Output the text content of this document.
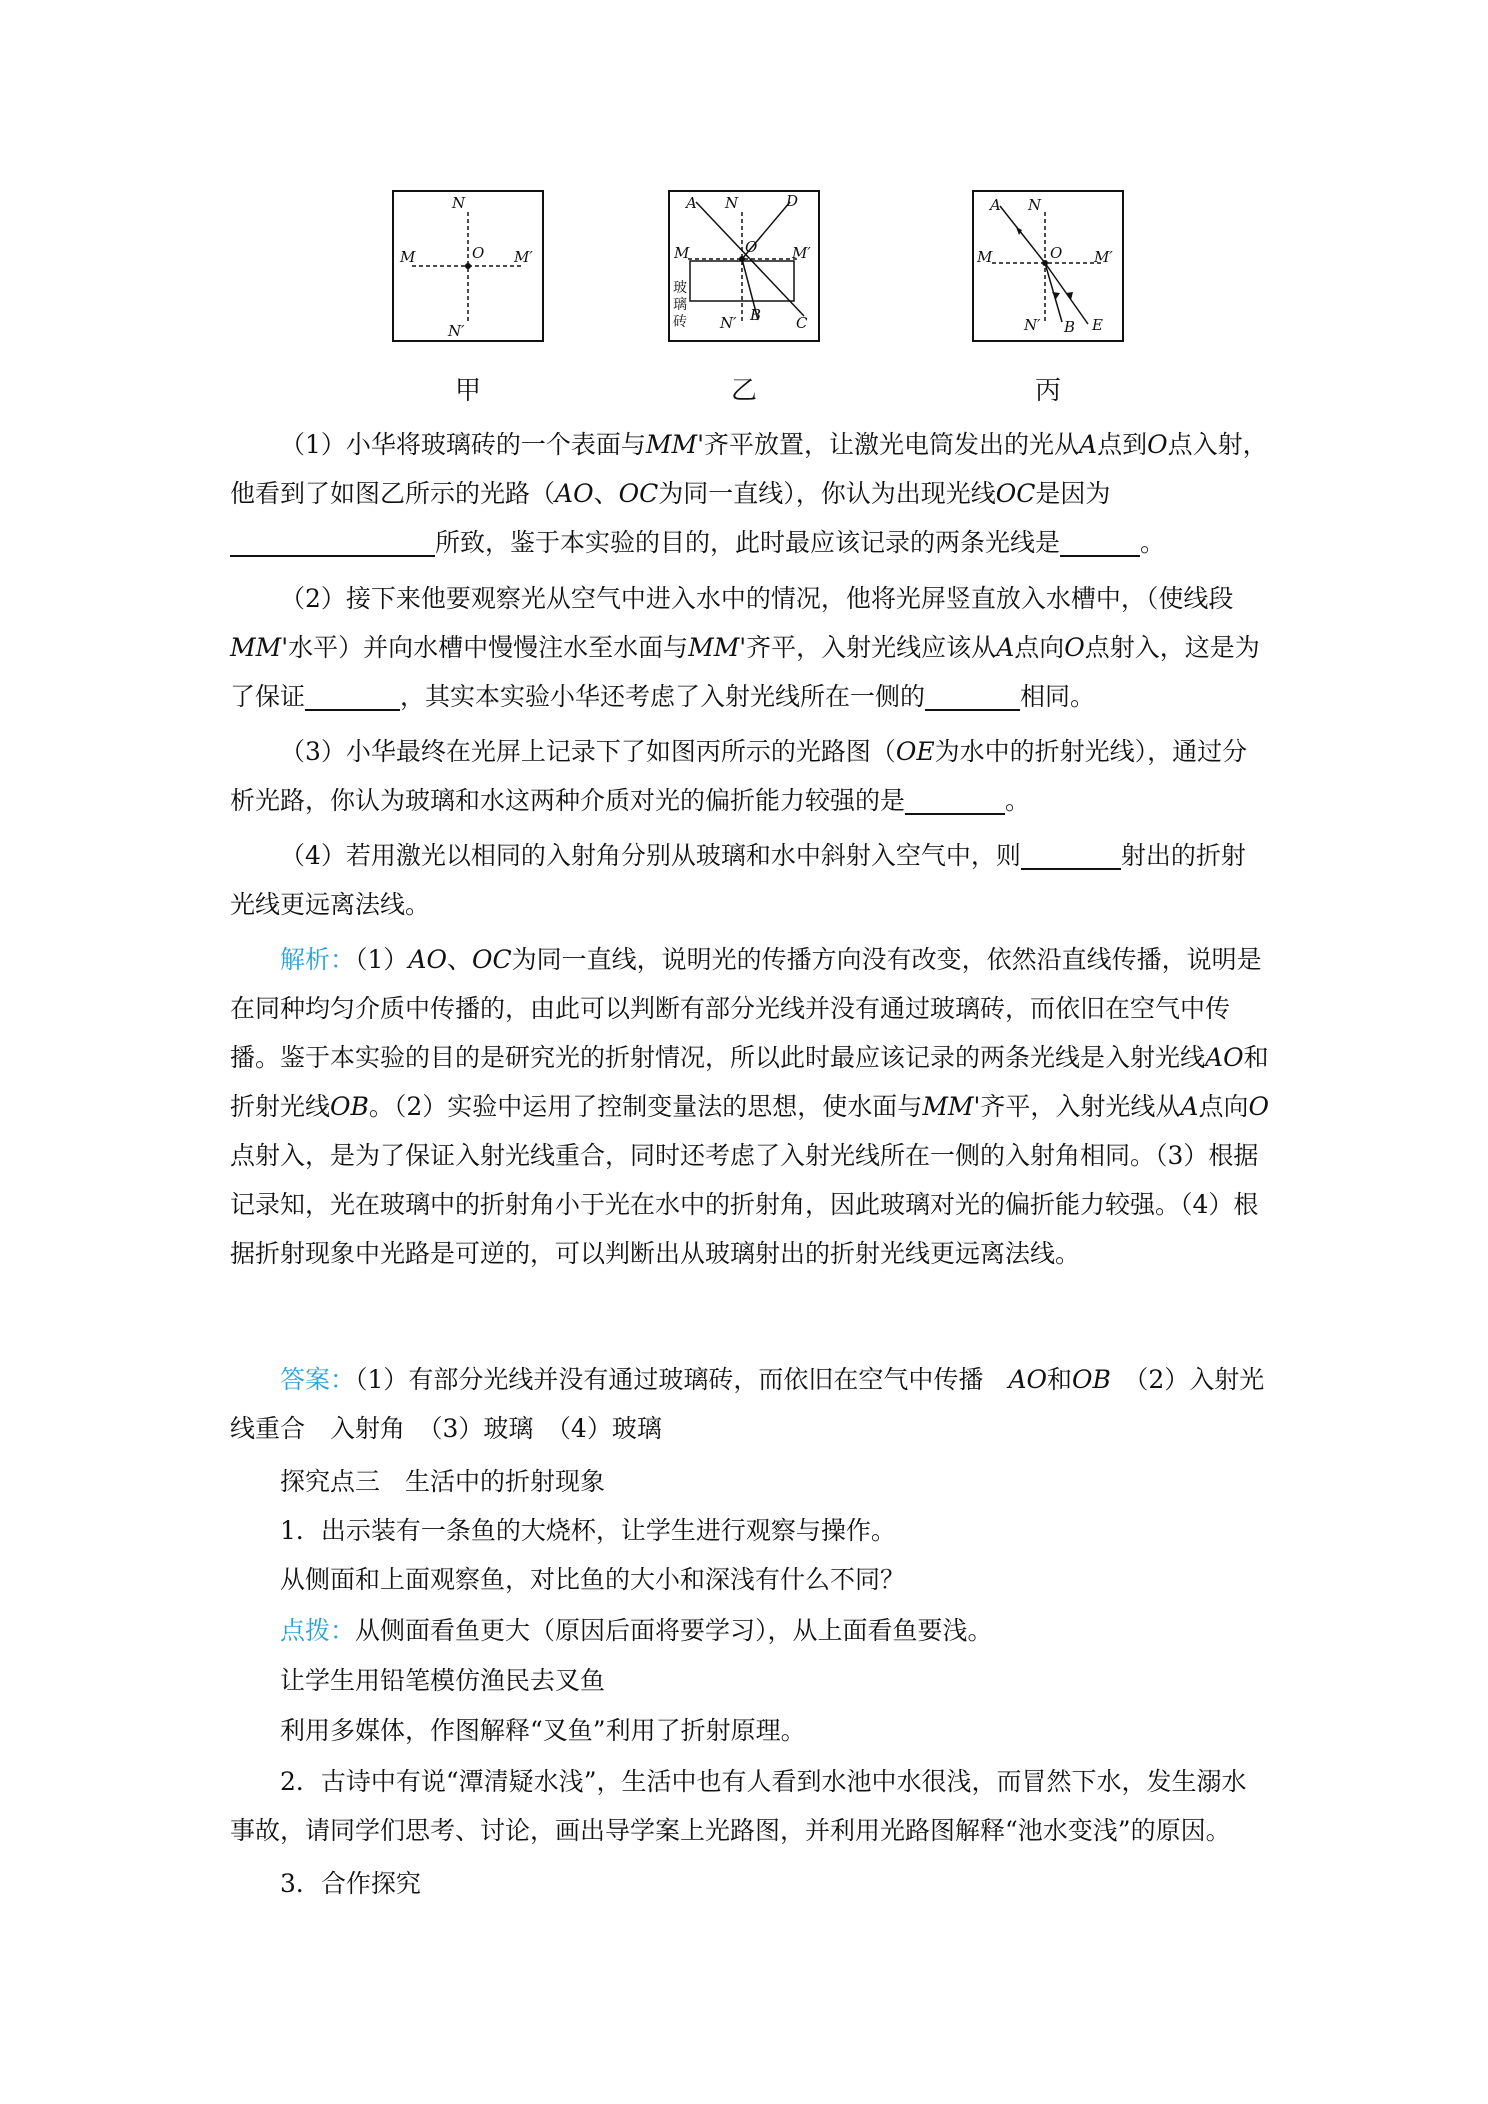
N
M	O M′
N′
甲
A N	D
M	O M′
玻
璃
砖 N′ B C
乙
A N
M	O M′
N′ B E
丙

（1）小华将玻璃砖的一个表面与MM'齐平放置，让激光电筒发出的光从A点到O点入射，他看到了如图乙所示的光路（AO、OC为同一直线），你认为出现光线OC是因为
所致，鉴于本实验的目的，此时最应该记录的两条光线是	。

（2）接下来他要观察光从空气中进入水中的情况，他将光屏竖直放入水槽中，（使线段MM'水平）并向水槽中慢慢注水至水面与MM'齐平，入射光线应该从A点向O点射入，这是为了保证	，其实本实验小华还考虑了入射光线所在一侧的	相同。

（3）小华最终在光屏上记录下了如图丙所示的光路图（OE为水中的折射光线），通过分析光路，你认为玻璃和水这两种介质对光的偏折能力较强的是	。

（4）若用激光以相同的入射角分别从玻璃和水中斜射入空气中，则	射出的折射光线更远离法线。

解析：（1）AO、OC为同一直线，说明光的传播方向没有改变，依然沿直线传播，说明是在同种均匀介质中传播的，由此可以判断有部分光线并没有通过玻璃砖，而依旧在空气中传播。鉴于本实验的目的是研究光的折射情况，所以此时最应该记录的两条光线是入射光线AO和折射光线OB。（2）实验中运用了控制变量法的思想，使水面与MM'齐平，入射光线从A点向O点射入，是为了保证入射光线重合，同时还考虑了入射光线所在一侧的入射角相同。（3）根据记录知，光在玻璃中的折射角小于光在水中的折射角，因此玻璃对光的偏折能力较强。（4）根据折射现象中光路是可逆的，可以判断出从玻璃射出的折射光线更远离法线。

答案：（1）有部分光线并没有通过玻璃砖，而依旧在空气中传播　AO和OB　（2）入射光线重合　入射角　（3）玻璃　（4）玻璃

探究点三　生活中的折射现象

1．出示装有一条鱼的大烧杯，让学生进行观察与操作。

从侧面和上面观察鱼，对比鱼的大小和深浅有什么不同？

点拨：从侧面看鱼更大（原因后面将要学习），从上面看鱼要浅。

让学生用铅笔模仿渔民去叉鱼

利用多媒体，作图解释“叉鱼”利用了折射原理。

2．古诗中有说“潭清疑水浅”，生活中也有人看到水池中水很浅，而冒然下水，发生溺水事故，请同学们思考、讨论，画出导学案上光路图，并利用光路图解释“池水变浅”的原因。

3．合作探究
